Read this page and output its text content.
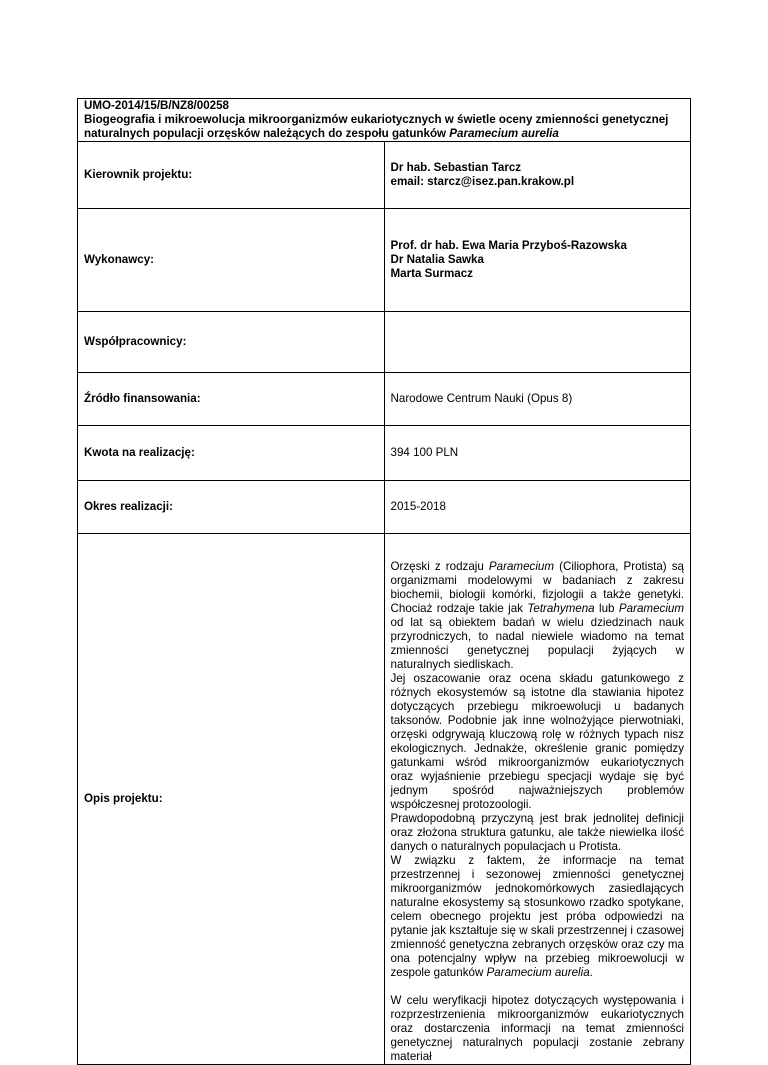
UMO-2014/15/B/NZ8/00258
Biogeografia i mikroewolucja mikroorganizmów eukariotycznych w świetle oceny zmienności genetycznej naturalnych populacji orzęsków należących do zespołu gatunków Paramecium aurelia	
Kierownik projektu:	Dr hab. Sebastian Tarcz
email: starcz@isez.pan.krakow.pl

Wykonawcy:	Prof. dr hab. Ewa Maria Przyboś-Razowska
Dr Natalia Sawka
Marta Surmacz

Współpracownicy:	
Źródło finansowania:	Narodowe Centrum Nauki (Opus 8)
Kwota na realizację:	394 100 PLN
Okres realizacji:	2015-2018
Opis projektu:	Orzęski z rodzaju Paramecium (Ciliophora, Protista) są organizmami modelowymi w badaniach z zakresu biochemii, biologii komórki, fizjologii a także genetyki. Chociaż rodzaje takie jak Tetrahymena lub Paramecium od lat są obiektem badań w wielu dziedzinach nauk przyrodniczych, to nadal niewiele wiadomo na temat zmienności genetycznej populacji żyjących w naturalnych siedliskach.

Jej oszacowanie oraz ocena składu gatunkowego z różnych ekosystemów są istotne dla stawiania hipotez dotyczących przebiegu mikroewolucji u badanych taksonów. Podobnie jak inne wolnożyjące pierwotniaki, orzęski odgrywają kluczową rolę w różnych typach nisz ekologicznych. Jednakże, określenie granic pomiędzy gatunkami wśród mikroorganizmów eukariotycznych oraz wyjaśnienie przebiegu specjacji wydaje się być jednym spośród najważniejszych problemów współczesnej protozoologii.

Prawdopodobną przyczyną jest brak jednolitej definicji oraz złożona struktura gatunku, ale także niewielka ilość danych o naturalnych populacjach u Protista.

W związku z faktem, że informacje na temat przestrzennej i sezonowej zmienności genetycznej mikroorganizmów jednokomórkowych zasiedlających naturalne ekosystemy są stosunkowo rzadko spotykane, celem obecnego projektu jest próba odpowiedzi na pytanie jak kształtuje się w skali przestrzennej i czasowej zmienność genetyczna zebranych orzęsków oraz czy ma ona potencjalny wpływ na przebieg mikroewolucji w zespole gatunków Paramecium aurelia.

W celu weryfikacji hipotez dotyczących występowania i rozprzestrzenienia mikroorganizmów eukariotycznych oraz dostarczenia informacji na temat zmienności genetycznej naturalnych populacji zostanie zebrany materiał
